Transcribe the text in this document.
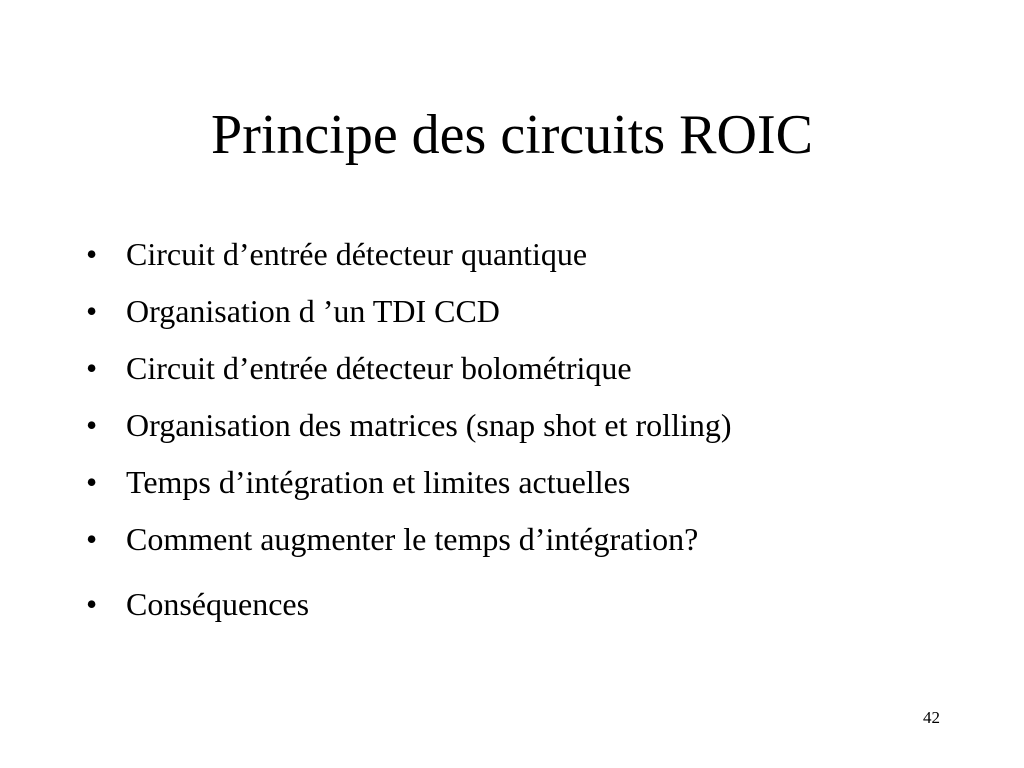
Principe des circuits ROIC
• Circuit d’entrée détecteur quantique
• Organisation d ’un TDI CCD
• Circuit d’entrée détecteur bolométrique
• Organisation des matrices (snap shot et rolling)
• Temps d’intégration et limites actuelles
• Comment augmenter le temps d’intégration?
• Conséquences
42
